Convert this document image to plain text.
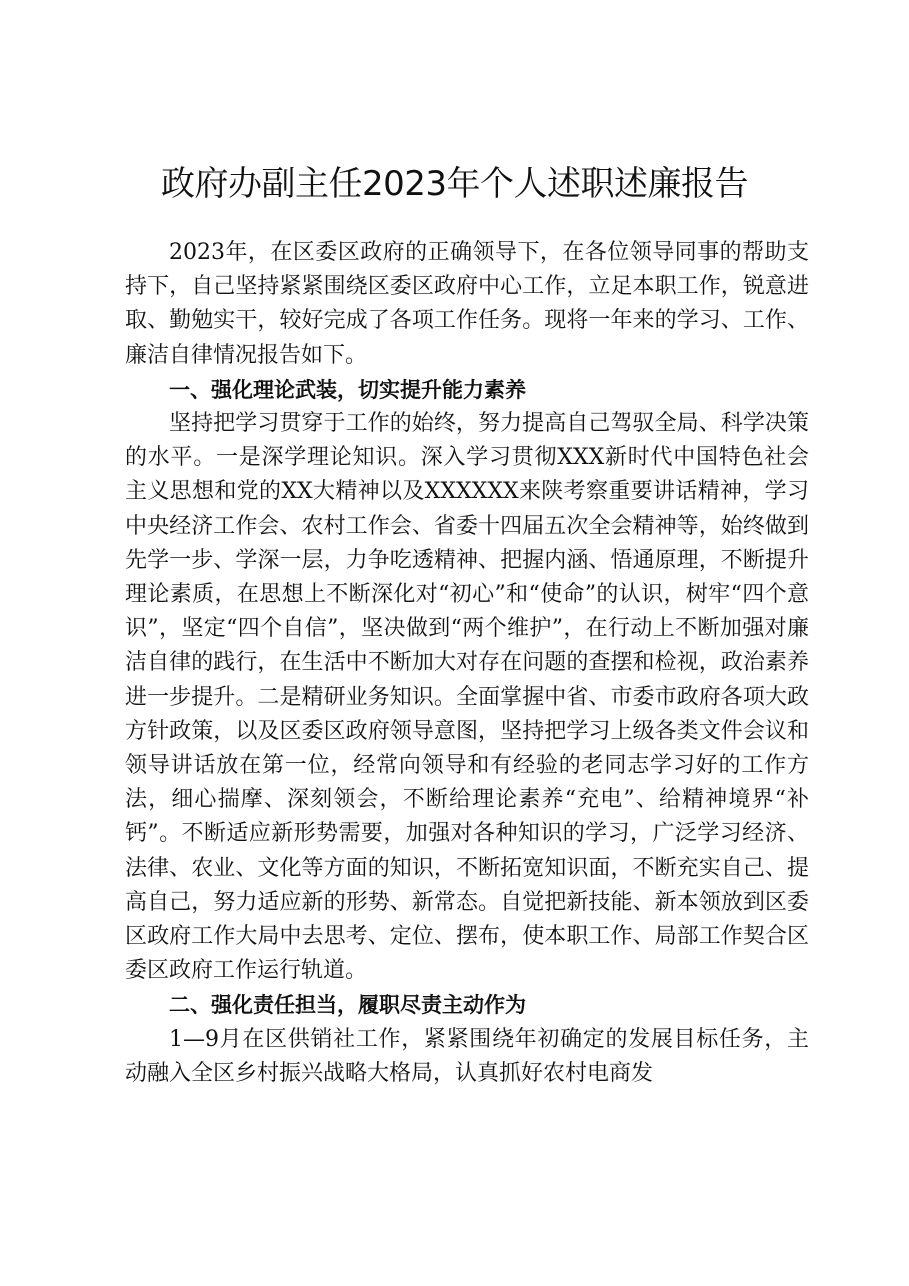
政府办副主任2023年个人述职述廉报告

2023年，在区委区政府的正确领导下，在各位领导同事的帮助支持下，自己坚持紧紧围绕区委区政府中心工作，立足本职工作，锐意进取、勤勉实干，较好完成了各项工作任务。现将一年来的学习、工作、廉洁自律情况报告如下。

一、强化理论武装，切实提升能力素养

坚持把学习贯穿于工作的始终，努力提高自己驾驭全局、科学决策的水平。一是深学理论知识。深入学习贯彻XXX新时代中国特色社会主义思想和党的XX大精神以及XXXXXX来陕考察重要讲话精神，学习中央经济工作会、农村工作会、省委十四届五次全会精神等，始终做到先学一步、学深一层，力争吃透精神、把握内涵、悟通原理，不断提升理论素质，在思想上不断深化对“初心”和“使命”的认识，树牢“四个意识”，坚定“四个自信”，坚决做到“两个维护”，在行动上不断加强对廉洁自律的践行，在生活中不断加大对存在问题的查摆和检视，政治素养进一步提升。二是精研业务知识。全面掌握中省、市委市政府各项大政方针政策，以及区委区政府领导意图，坚持把学习上级各类文件会议和领导讲话放在第一位，经常向领导和有经验的老同志学习好的工作方法，细心揣摩、深刻领会，不断给理论素养“充电”、给精神境界“补钙”。不断适应新形势需要，加强对各种知识的学习，广泛学习经济、法律、农业、文化等方面的知识，不断拓宽知识面，不断充实自己、提高自己，努力适应新的形势、新常态。自觉把新技能、新本领放到区委区政府工作大局中去思考、定位、摆布，使本职工作、局部工作契合区委区政府工作运行轨道。

二、强化责任担当，履职尽责主动作为

1—9月在区供销社工作，紧紧围绕年初确定的发展目标任务，主动融入全区乡村振兴战略大格局，认真抓好农村电商发
